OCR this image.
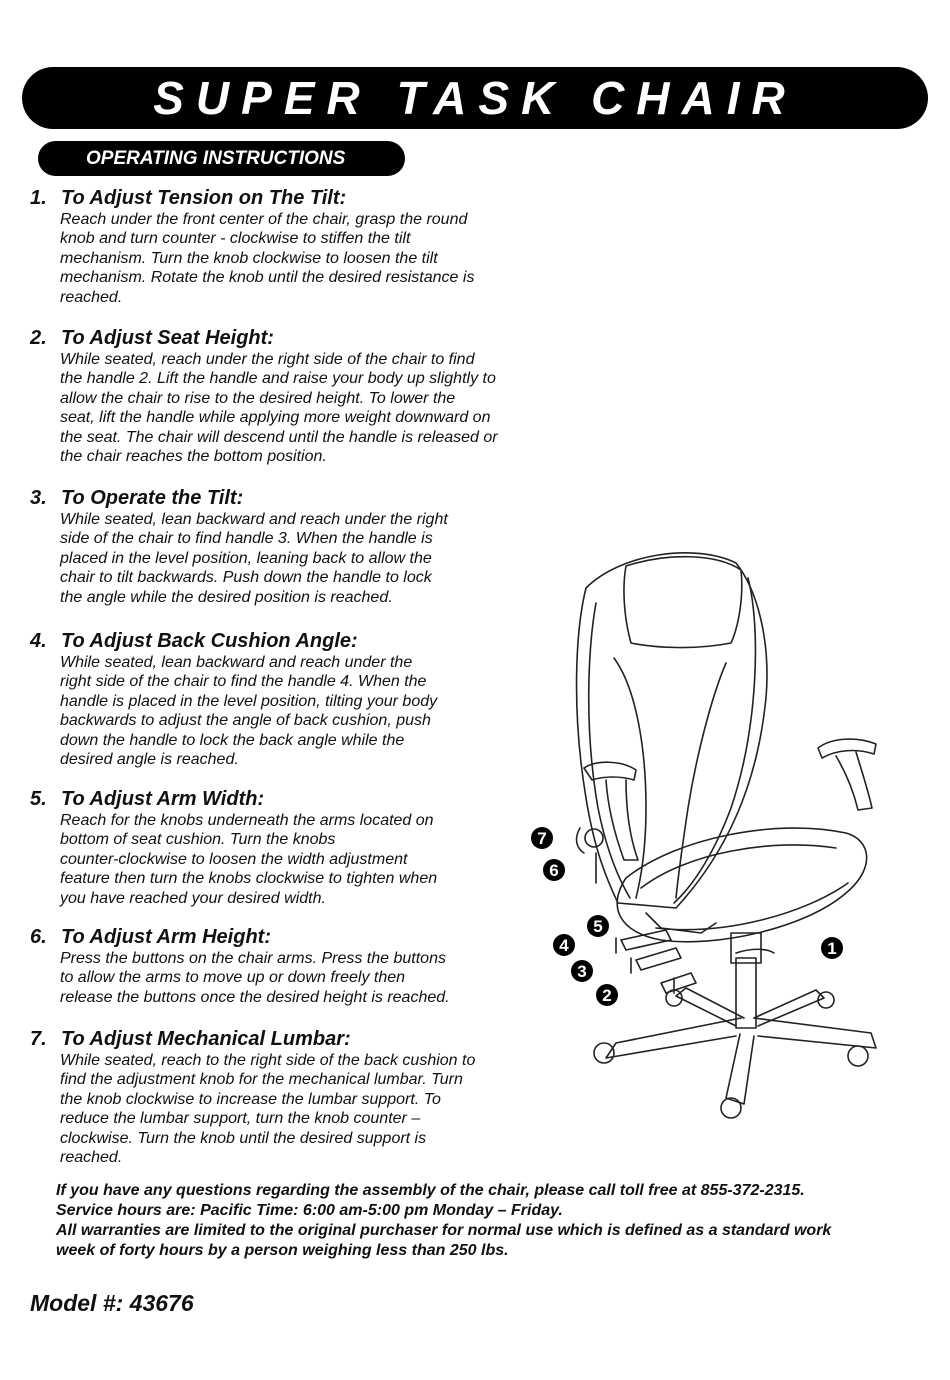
SUPER TASK CHAIR
OPERATING INSTRUCTIONS
1. To Adjust Tension on The Tilt:
Reach under the front center of the chair, grasp the round
knob and turn counter - clockwise to stiffen the tilt
mechanism. Turn the knob clockwise to loosen the tilt
mechanism. Rotate the knob until the desired resistance is
reached.
2. To Adjust Seat Height:
While seated, reach under the right side of the chair to find
the handle 2. Lift the handle and raise your body up slightly to
allow the chair to rise to the desired height. To lower the
seat, lift the handle while applying more weight downward on
the seat. The chair will descend until the handle is released or
the chair reaches the bottom position.
3. To Operate the Tilt:
While seated, lean backward and reach under the right
side of the chair to find handle 3. When the handle is
placed in the level position, leaning back to allow the
chair to tilt backwards. Push down the handle to lock
the angle while the desired position is reached.
4. To Adjust Back Cushion Angle:
While seated, lean backward and reach under the
right side of the chair to find the handle 4. When the
handle is placed in the level position, tilting your body
backwards to adjust the angle of back cushion, push
down the handle to lock the back angle while the
desired angle is reached.
5. To Adjust Arm Width:
Reach for the knobs underneath the arms located on
bottom of seat cushion. Turn the knobs
counter-clockwise to loosen the width adjustment
feature then turn the knobs clockwise to tighten when
you have reached your desired width.
6. To Adjust Arm Height:
Press the buttons on the chair arms. Press the buttons
to allow the arms to move up or down freely then
release the buttons once the desired height is reached.
7. To Adjust Mechanical Lumbar:
While seated, reach to the right side of the back cushion to
find the adjustment knob for the mechanical lumbar. Turn
the knob clockwise to increase the lumbar support. To
reduce the lumbar support, turn the knob counter –
clockwise. Turn the knob until the desired support is
reached.
1
2
3
4
5
6
7
If you have any questions regarding the assembly of the chair, please call toll free at 855-372-2315.
Service hours are: Pacific Time: 6:00 am-5:00 pm Monday – Friday.
All warranties are limited to the original purchaser for normal use which is defined as a standard work
week of forty hours by a person weighing less than 250 lbs.
Model #: 43676
